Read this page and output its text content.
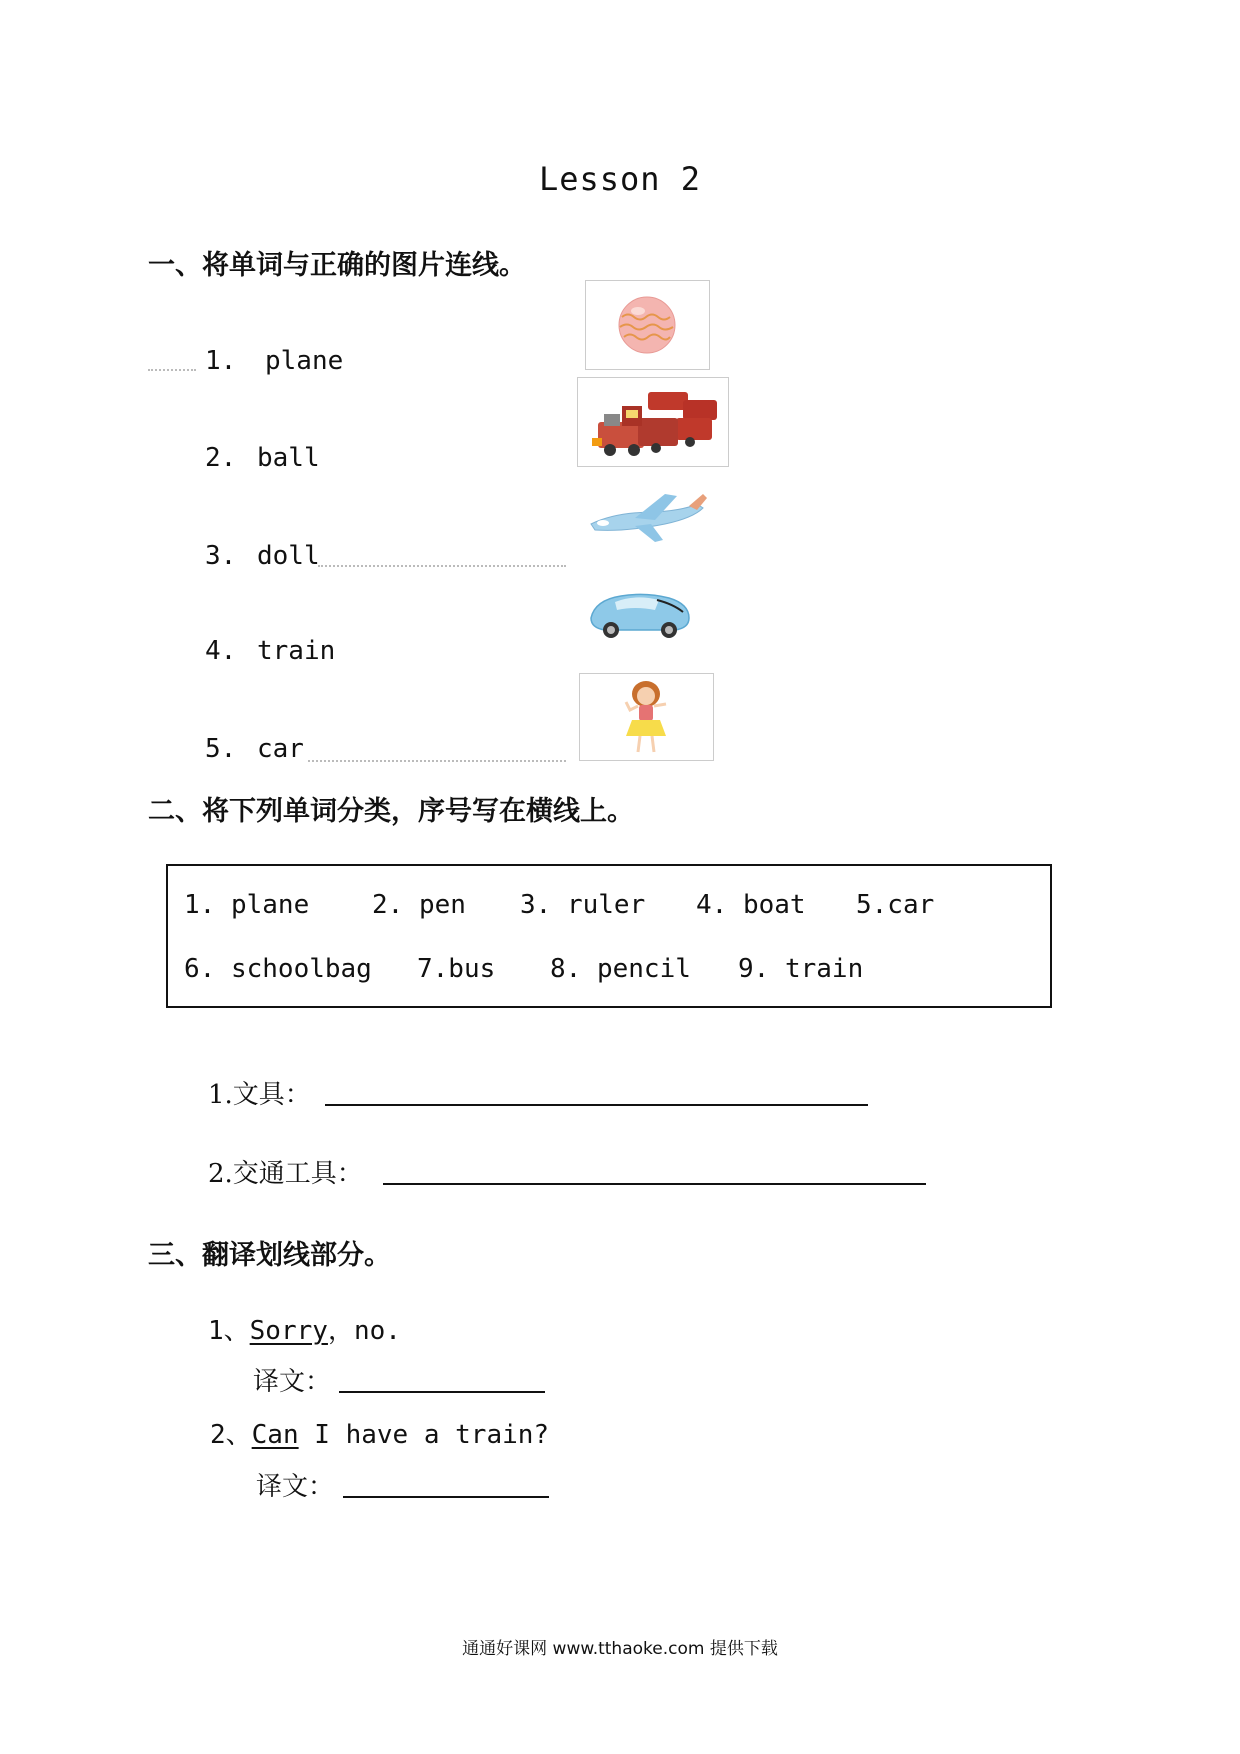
Lesson 2
一、将单词与正确的图片连线。
1. plane
2. ball
3. doll
4. train
5. car
二、将下列单词分类，序号写在横线上。
1. plane 2. pen 3. ruler 4. boat 5.car
6. schoolbag 7.bus 8. pencil 9. train
1.文具：
2.交通工具：
三、翻译划线部分。
1、Sorry，no.
译文：
2、Can I have a train?
译文：
通通好课网 www.tthaoke.com 提供下载
